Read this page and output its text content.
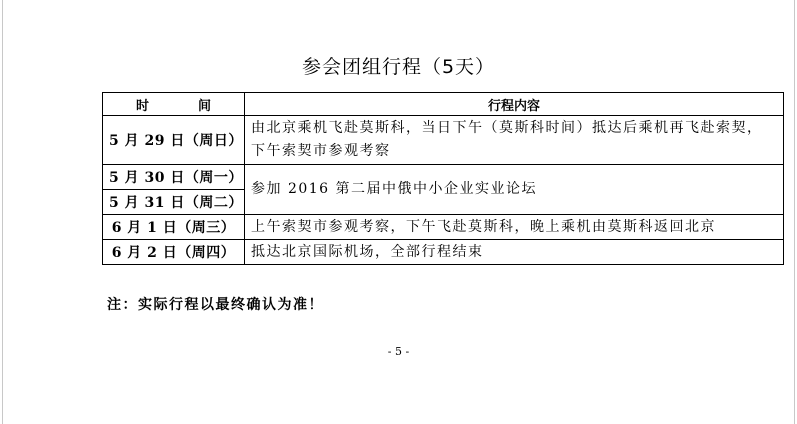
参会团组行程（5天）
时　间	行程内容
5 月 29 日（周日）	由北京乘机飞赴莫斯科，当日下午（莫斯科时间）抵达后乘机再飞赴索契，下午索契市参观考察
5 月 30 日（周一）	参加 2016 第二届中俄中小企业实业论坛
5 月 31 日（周二）	
6 月 1 日（周三）	上午索契市参观考察，下午飞赴莫斯科，晚上乘机由莫斯科返回北京
6 月 2 日（周四）	抵达北京国际机场，全部行程结束
注：实际行程以最终确认为准！
- 5 -
